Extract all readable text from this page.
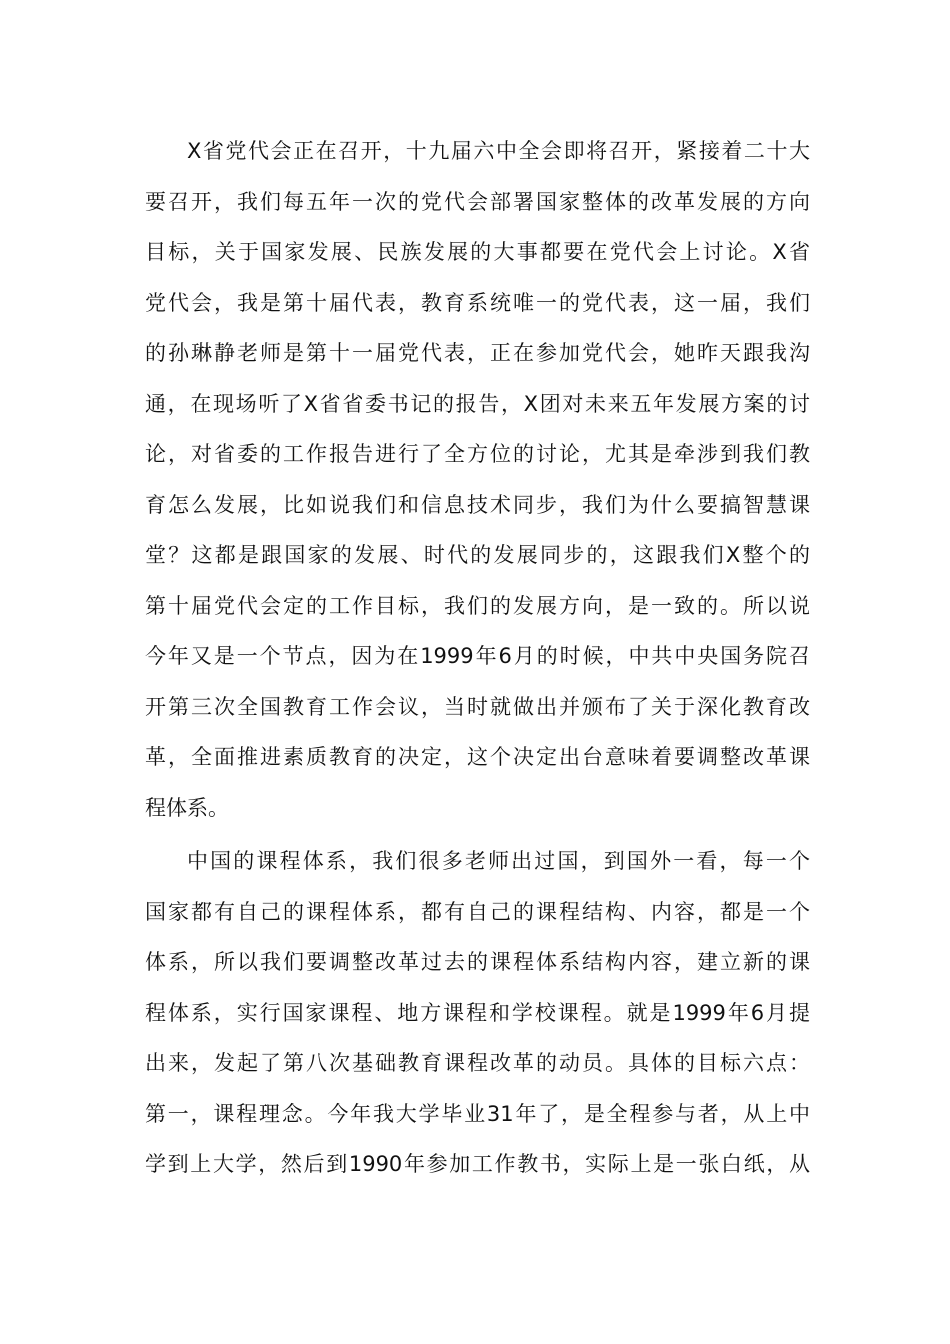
X省党代会正在召开，十九届六中全会即将召开，紧接着二十大
要召开，我们每五年一次的党代会部署国家整体的改革发展的方向
目标，关于国家发展、民族发展的大事都要在党代会上讨论。X省
党代会，我是第十届代表，教育系统唯一的党代表，这一届，我们
的孙琳静老师是第十一届党代表，正在参加党代会，她昨天跟我沟
通，在现场听了X省省委书记的报告，X团对未来五年发展方案的讨
论，对省委的工作报告进行了全方位的讨论，尤其是牵涉到我们教
育怎么发展，比如说我们和信息技术同步，我们为什么要搞智慧课
堂？这都是跟国家的发展、时代的发展同步的，这跟我们X整个的
第十届党代会定的工作目标，我们的发展方向，是一致的。所以说
今年又是一个节点，因为在1999年6月的时候，中共中央国务院召
开第三次全国教育工作会议，当时就做出并颁布了关于深化教育改
革，全面推进素质教育的决定，这个决定出台意味着要调整改革课
程体系。
中国的课程体系，我们很多老师出过国，到国外一看，每一个
国家都有自己的课程体系，都有自己的课程结构、内容，都是一个
体系，所以我们要调整改革过去的课程体系结构内容，建立新的课
程体系，实行国家课程、地方课程和学校课程。就是1999年6月提
出来，发起了第八次基础教育课程改革的动员。具体的目标六点：
第一，课程理念。今年我大学毕业31年了，是全程参与者，从上中
学到上大学，然后到1990年参加工作教书，实际上是一张白纸，从
